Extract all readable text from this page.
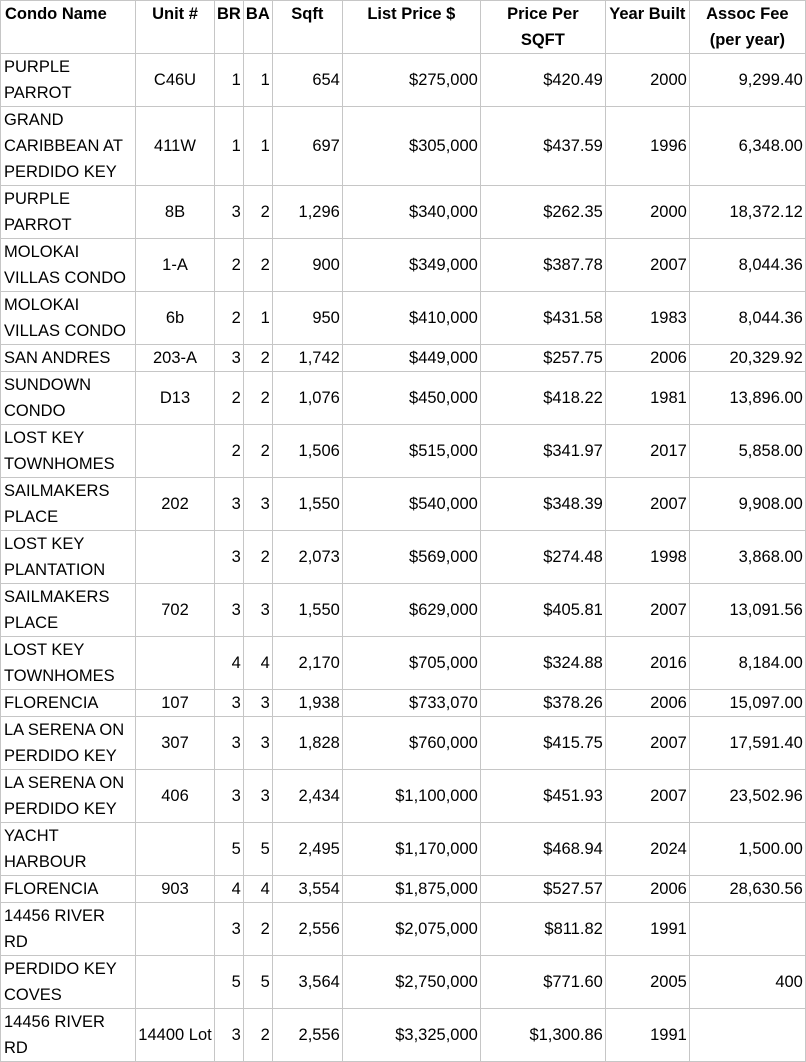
Condo Name	Unit #	BR	BA	Sqft	List Price $	Price Per SQFT	Year Built	Assoc Fee (per year)
PURPLE PARROT	C46U	1	1	654	$275,000	$420.49	2000	9,299.40
GRAND CARIBBEAN AT PERDIDO KEY	411W	1	1	697	$305,000	$437.59	1996	6,348.00
PURPLE PARROT	8B	3	2	1,296	$340,000	$262.35	2000	18,372.12
MOLOKAI VILLAS CONDO	1-A	2	2	900	$349,000	$387.78	2007	8,044.36
MOLOKAI VILLAS CONDO	6b	2	1	950	$410,000	$431.58	1983	8,044.36
SAN ANDRES	203-A	3	2	1,742	$449,000	$257.75	2006	20,329.92
SUNDOWN CONDO	D13	2	2	1,076	$450,000	$418.22	1981	13,896.00
LOST KEY TOWNHOMES		2	2	1,506	$515,000	$341.97	2017	5,858.00
SAILMAKERS PLACE	202	3	3	1,550	$540,000	$348.39	2007	9,908.00
LOST KEY PLANTATION		3	2	2,073	$569,000	$274.48	1998	3,868.00
SAILMAKERS PLACE	702	3	3	1,550	$629,000	$405.81	2007	13,091.56
LOST KEY TOWNHOMES		4	4	2,170	$705,000	$324.88	2016	8,184.00
FLORENCIA	107	3	3	1,938	$733,070	$378.26	2006	15,097.00
LA SERENA ON PERDIDO KEY	307	3	3	1,828	$760,000	$415.75	2007	17,591.40
LA SERENA ON PERDIDO KEY	406	3	3	2,434	$1,100,000	$451.93	2007	23,502.96
YACHT HARBOUR		5	5	2,495	$1,170,000	$468.94	2024	1,500.00
FLORENCIA	903	4	4	3,554	$1,875,000	$527.57	2006	28,630.56
14456 RIVER RD		3	2	2,556	$2,075,000	$811.82	1991	
PERDIDO KEY COVES		5	5	3,564	$2,750,000	$771.60	2005	400
14456 RIVER RD	14400 Lot	3	2	2,556	$3,325,000	$1,300.86	1991	
